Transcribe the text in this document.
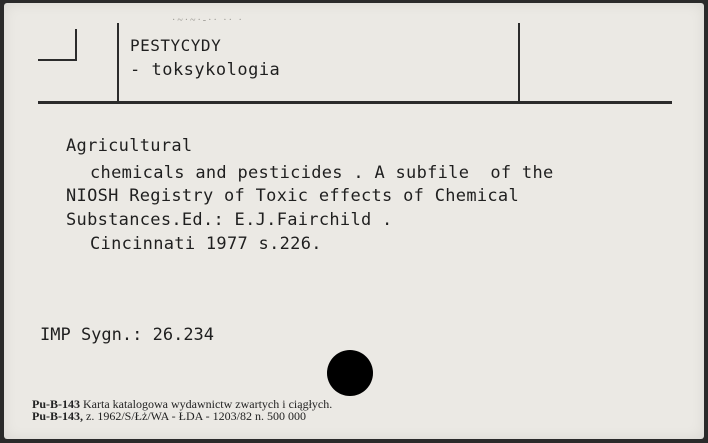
·~·~·-·· ·· ·
PESTYCYDY
- toksykologia
Agricultural
chemicals and pesticides . A subfile  of the
NIOSH Registry of Toxic effects of Chemical
Substances.Ed.: E.J.Fairchild .
Cincinnati 1977 s.226.
IMP Sygn.: 26.234
Pu-B-143 Karta katalogowa wydawnictw zwartych i ciągłych.
Pu-B-143, z. 1962/S/Łż/WA - ŁDA - 1203/82 n. 500 000
